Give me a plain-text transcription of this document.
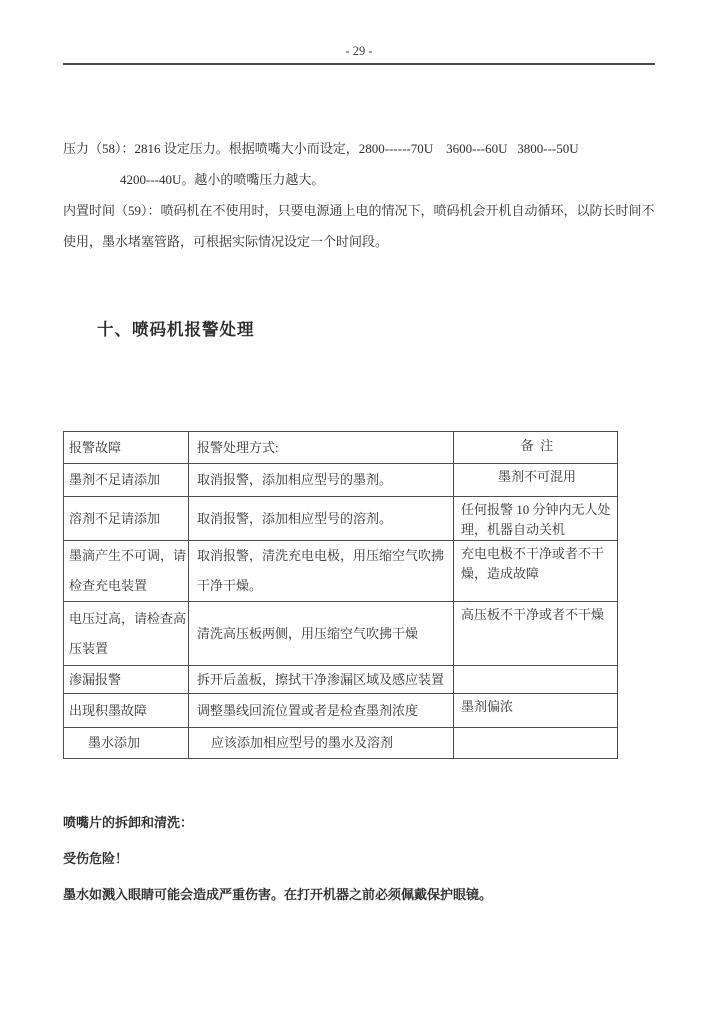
- 29 -
压力（58）：2816 设定压力。根据喷嘴大小而设定，2800------70U    3600---60U   3800---50U
4200---40U。越小的喷嘴压力越大。
内置时间（59）：喷码机在不使用时，只要电源通上电的情况下，喷码机会开机自动循环，以防长时间不
使用，墨水堵塞管路，可根据实际情况设定一个时间段。
十、喷码机报警处理
报警故障	报警处理方式:	备  注
墨剂不足请添加	取消报警，添加相应型号的墨剂。	墨剂不可混用
溶剂不足请添加	取消报警，添加相应型号的溶剂。	任何报警 10 分钟内无人处理，机器自动关机
墨滴产生不可调，请检查充电装置	取消报警，清洗充电电极，用压缩空气吹拂干净干燥。	充电电极不干净或者不干燥，造成故障
电压过高，请检查高压装置	清洗高压板两侧，用压缩空气吹拂干燥	高压板不干净或者不干燥
渗漏报警	拆开后盖板，擦拭干净渗漏区域及感应装置	
出现积墨故障	调整墨线回流位置或者是检查墨剂浓度	墨剂偏浓
墨水添加	应该添加相应型号的墨水及溶剂	
喷嘴片的拆卸和清洗：
受伤危险！
墨水如溅入眼睛可能会造成严重伤害。在打开机器之前必须佩戴保护眼镜。
